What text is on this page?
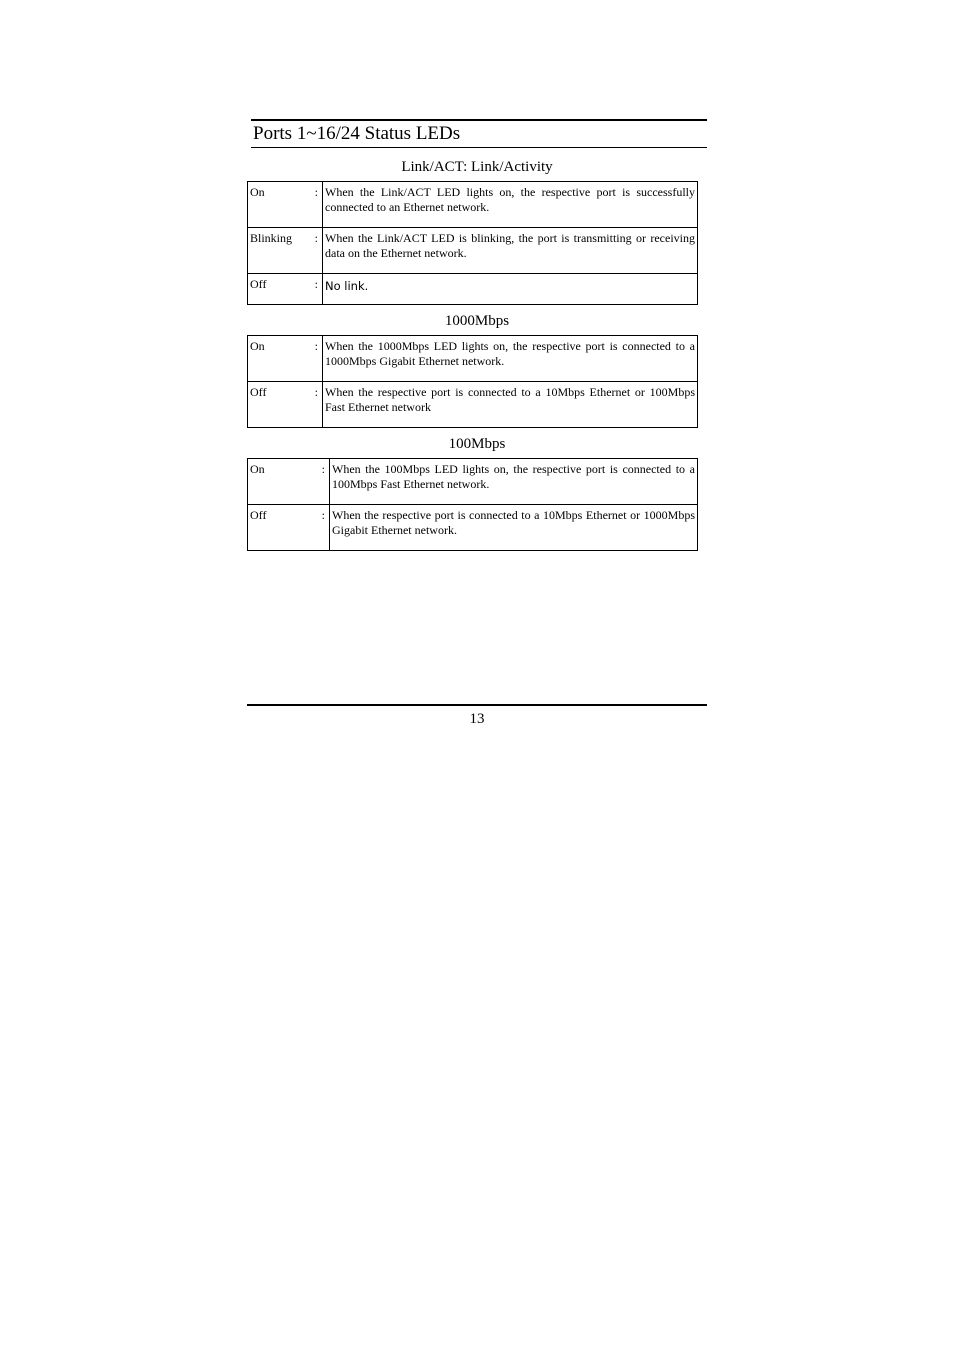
Ports 1~16/24 Status LEDs
Link/ACT: Link/Activity
On :	When the Link/ACT LED lights on, the respective port is successfully connected to an Ethernet network.

Blinking :	When the Link/ACT LED is blinking, the port is transmitting or receiving data on the Ethernet network.

Off :	No link.
1000Mbps
On :	When the 1000Mbps LED lights on, the respective port is connected to a 1000Mbps Gigabit Ethernet network.

Off :	When the respective port is connected to a 10Mbps Ethernet or 100Mbps Fast Ethernet network
100Mbps
On :	When the 100Mbps LED lights on, the respective port is connected to a 100Mbps Fast Ethernet network.

Off :	When the respective port is connected to a 10Mbps Ethernet or 1000Mbps Gigabit Ethernet network.
13
